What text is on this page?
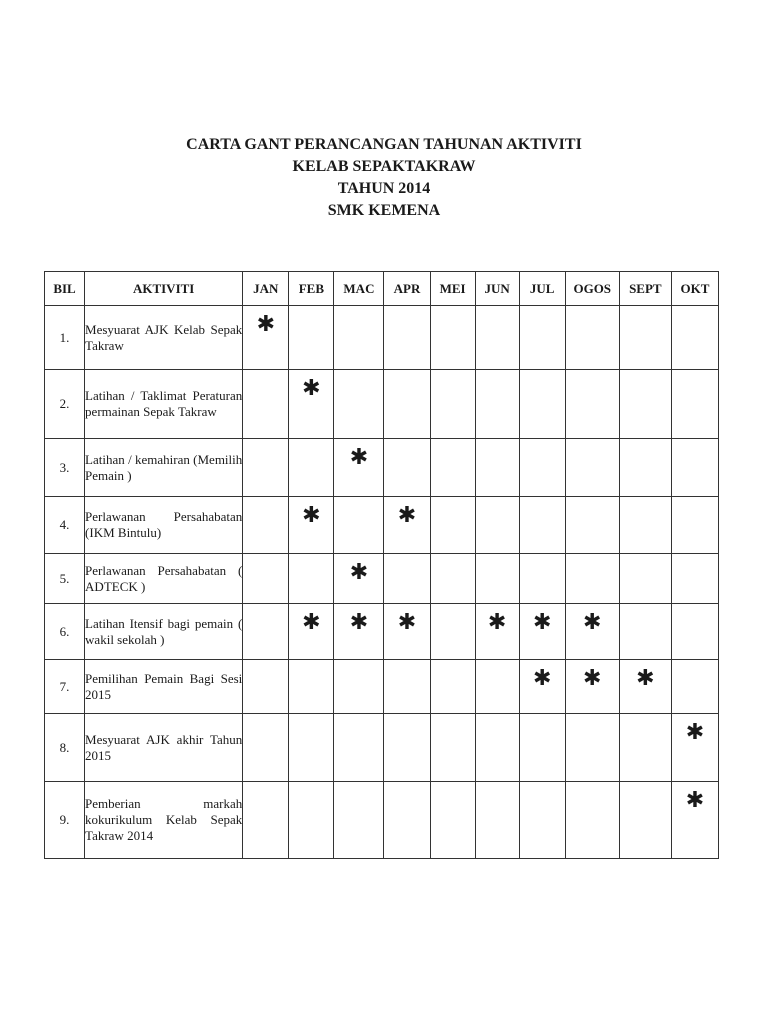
CARTA GANT PERANCANGAN TAHUNAN AKTIVITI
KELAB SEPAKTAKRAW
TAHUN 2014
SMK KEMENA
BIL	AKTIVITI	JAN	FEB	MAC	APR	MEI	JUN	JUL	OGOS	SEPT	OKT
1.	Mesyuarat AJK Kelab Sepak Takraw	✱									
2.	Latihan / Taklimat Peraturan permainan Sepak Takraw		✱								
3.	Latihan / kemahiran (Memilih Pemain )			✱							
4.	Perlawanan Persahabatan (IKM Bintulu)		✱		✱						
5.	Perlawanan Persahabatan ( ADTECK )			✱							
6.	Latihan Itensif bagi pemain ( wakil sekolah )		✱	✱	✱		✱	✱	✱		
7.	Pemilihan Pemain Bagi Sesi 2015							✱	✱	✱	
8.	Mesyuarat AJK akhir Tahun 2015										✱
9.	Pemberian markah kokurikulum Kelab Sepak Takraw 2014										✱
